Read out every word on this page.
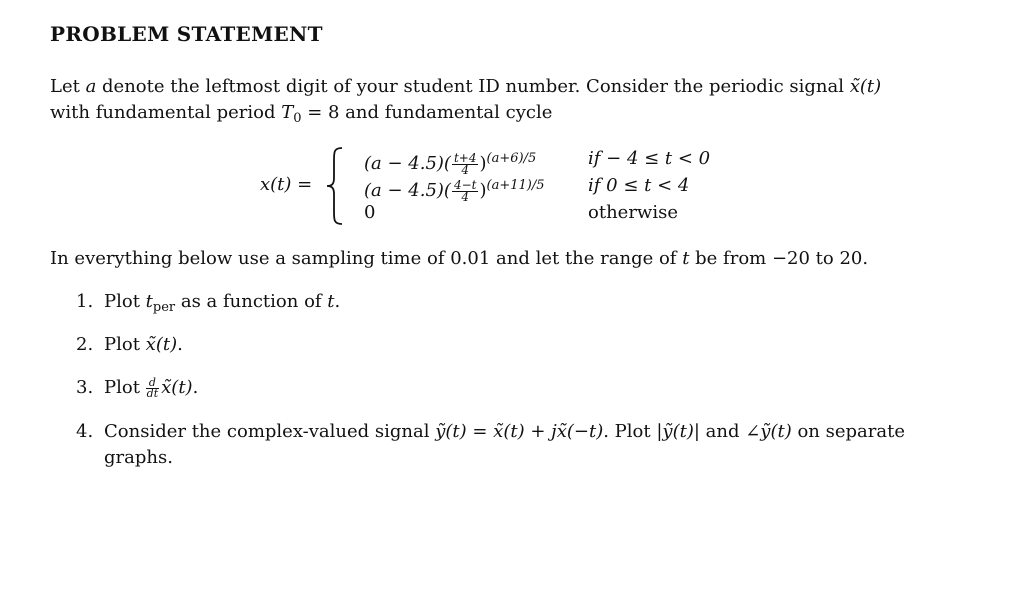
PROBLEM STATEMENT
Let a denote the leftmost digit of your student ID number. Consider the periodic signal x̃(t)
with fundamental period $T_0 = 8$ and fundamental cycle
x(t) =
$(a - 4.5)( \frac{t+4}{4} )^{(a+6)/5}$	if − 4 ≤ t < 0
$(a - 4.5)( \frac{4-t}{4} )^{(a+11)/5}$ if 0 ≤ t < 4
0	otherwise
In everything below use a sampling time of 0.01 and let the range of t be from −20 to 20.
1. Plot $t_{per}$ as a function of t.
2. Plot x̃(t).
3. Plot $\frac{d}{dt}$ x̃(t).
4. Consider the complex-valued signal ỹ(t) = x̃(t) + jx̃(−t). Plot |ỹ(t)| and ∠ỹ(t) on separate
graphs.
